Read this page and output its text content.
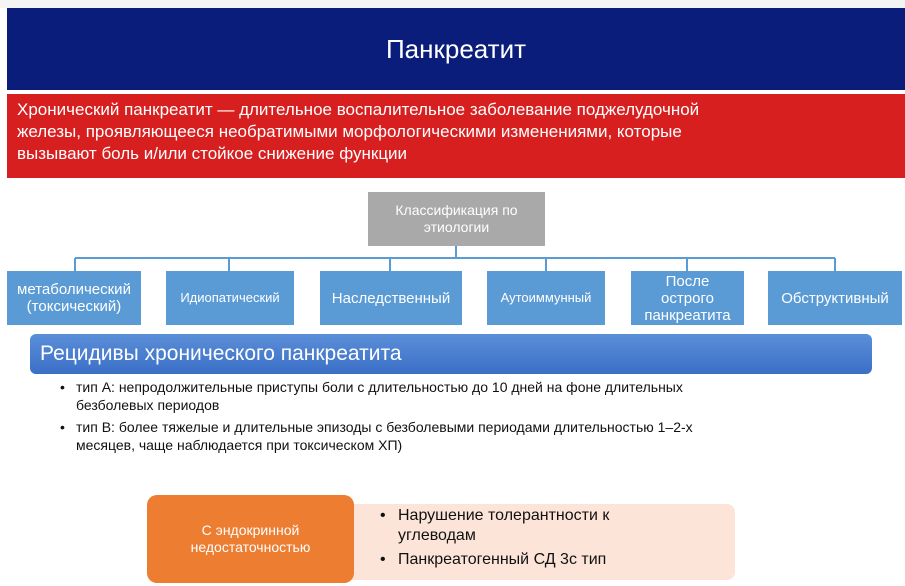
Панкреатит
Хронический панкреатит — длительное воспалительное заболевание поджелудочной
железы, проявляющееся необратимыми морфологическими изменениями, которые
вызывают боль и/или стойкое снижение функции
Классификация по
этиологии
метаболический
(токсический)
Идиопатический	Наследственный	Аутоиммунный
После
острого
панкреатита
Обструктивный
Рецидивы хронического панкреатита
• тип А: непродолжительные приступы боли с длительностью до 10 дней на фоне длительных
безболевых периодов
• тип В: более тяжелые и длительные эпизоды с безболевыми периодами длительностью 1–2-х
месяцев, чаще наблюдается при токсическом ХП)
• Нарушение толерантности к
углеводам
• Панкреатогенный СД 3с тип
С эндокринной
недостаточностью
